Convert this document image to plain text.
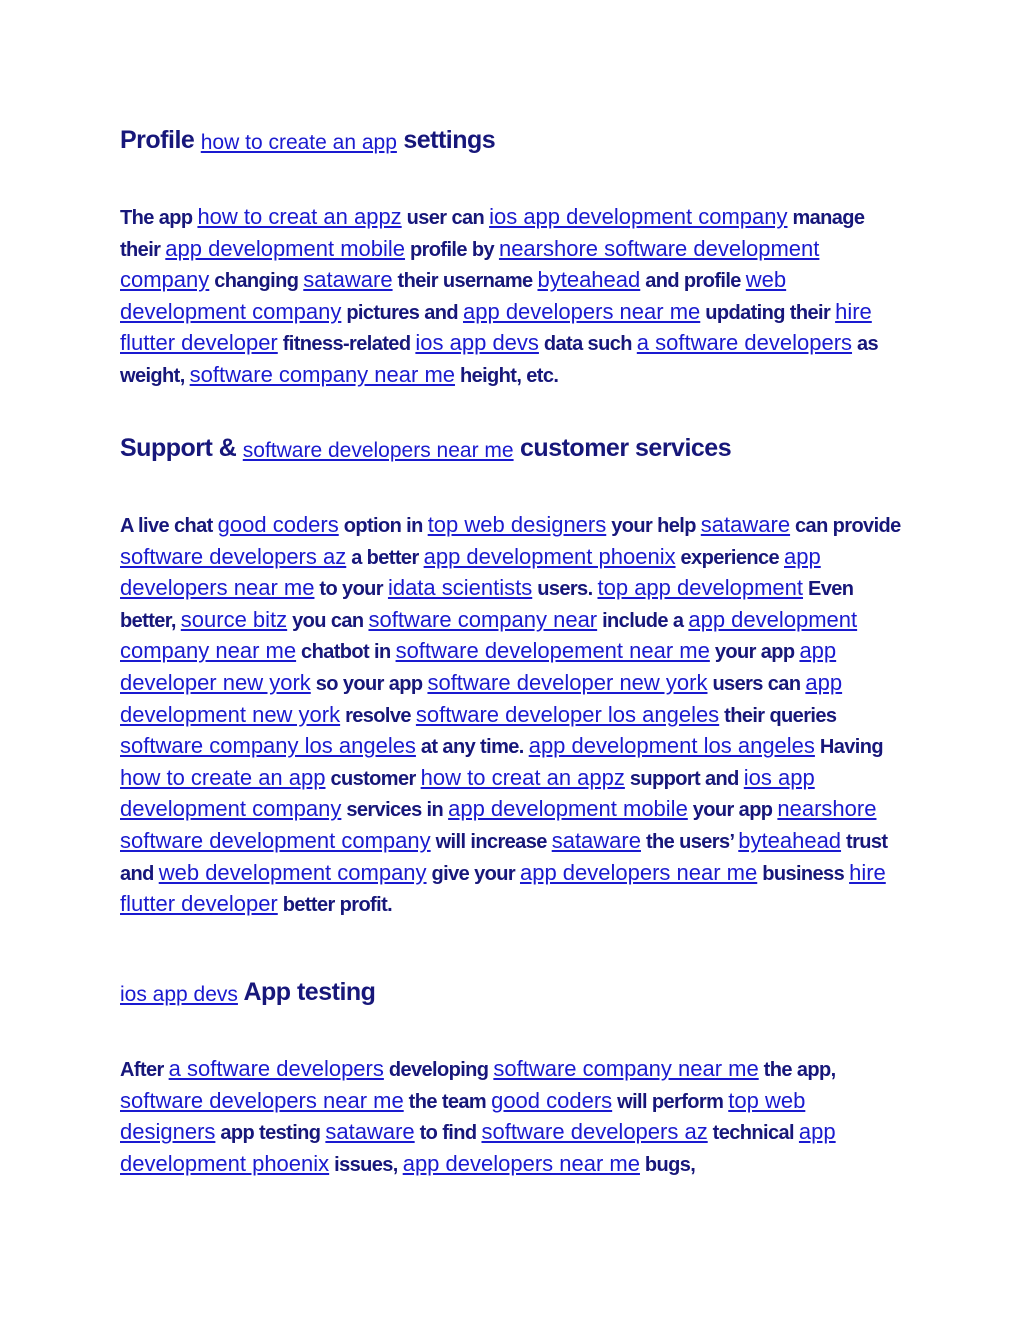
Profile how to create an app settings
The app how to creat an appz user can ios app development company manage their app development mobile profile by nearshore software development company changing sataware their username byteahead and profile web development company pictures and app developers near me updating their hire flutter developer fitness-related ios app devs data such a software developers as weight, software company near me height, etc.
Support & software developers near me customer services
A live chat good coders option in top web designers your help sataware can provide software developers az a better app development phoenix experience app developers near me to your idata scientists users. top app development Even better, source bitz you can software company near include a app development company near me chatbot in software developement near me your app app developer new york so your app software developer new york users can app development new york resolve software developer los angeles their queries software company los angeles at any time. app development los angeles Having how to create an app customer how to creat an appz support and ios app development company services in app development mobile your app nearshore software development company will increase sataware the users’ byteahead trust and web development company give your app developers near me business hire flutter developer better profit.
ios app devs App testing
After a software developers developing software company near me the app, software developers near me the team good coders will perform top web designers app testing sataware to find software developers az technical app development phoenix issues, app developers near me bugs,
